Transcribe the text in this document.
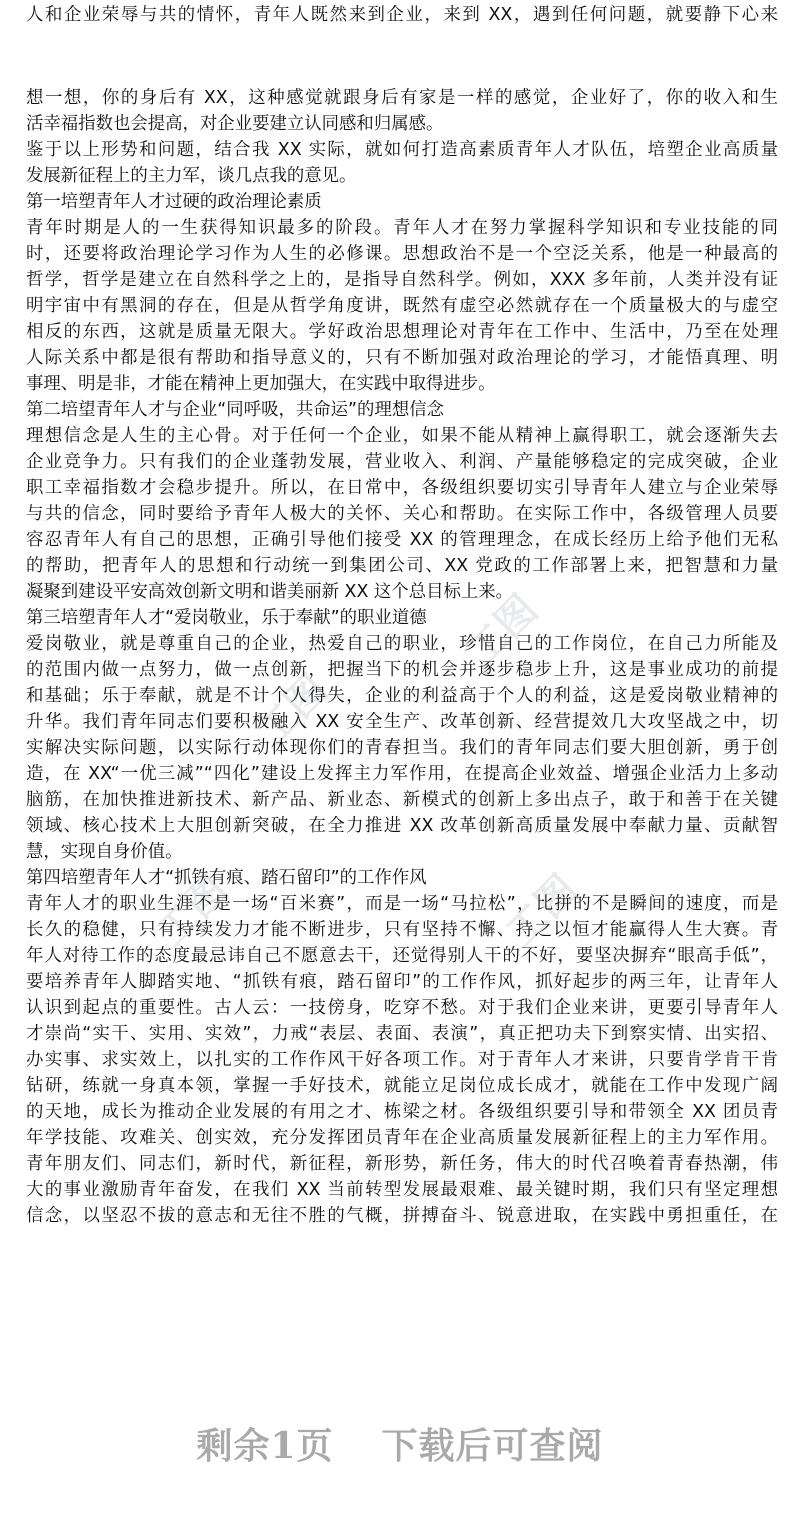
工图
工图
工图	工图
人和企业荣辱与共的情怀，青年人既然来到企业，来到 XX，遇到任何问题，就要静下心来
想一想，你的身后有 XX，这种感觉就跟身后有家是一样的感觉，企业好了，你的收入和生
活幸福指数也会提高，对企业要建立认同感和归属感。
鉴于以上形势和问题，结合我 XX 实际，就如何打造高素质青年人才队伍，培塑企业高质量
发展新征程上的主力军，谈几点我的意见。
第一培塑青年人才过硬的政治理论素质
青年时期是人的一生获得知识最多的阶段。青年人才在努力掌握科学知识和专业技能的同
时，还要将政治理论学习作为人生的必修课。思想政治不是一个空泛关系，他是一种最高的
哲学，哲学是建立在自然科学之上的，是指导自然科学。例如，XXX 多年前，人类并没有证
明宇宙中有黑洞的存在，但是从哲学角度讲，既然有虚空必然就存在一个质量极大的与虚空
相反的东西，这就是质量无限大。学好政治思想理论对青年在工作中、生活中，乃至在处理
人际关系中都是很有帮助和指导意义的，只有不断加强对政治理论的学习，才能悟真理、明
事理、明是非，才能在精神上更加强大，在实践中取得进步。
第二培望青年人才与企业“同呼吸，共命运”的理想信念
理想信念是人生的主心骨。对于任何一个企业，如果不能从精神上赢得职工，就会逐渐失去
企业竞争力。只有我们的企业蓬勃发展，营业收入、利润、产量能够稳定的完成突破，企业
职工幸福指数才会稳步提升。所以，在日常中，各级组织要切实引导青年人建立与企业荣辱
与共的信念，同时要给予青年人极大的关怀、关心和帮助。在实际工作中，各级管理人员要
容忍青年人有自己的思想，正确引导他们接受 XX 的管理理念，在成长经历上给予他们无私
的帮助，把青年人的思想和行动统一到集团公司、XX 党政的工作部署上来，把智慧和力量
凝聚到建设平安高效创新文明和谐美丽新 XX 这个总目标上来。
第三培塑青年人才“爱岗敬业，乐于奉献”的职业道德
爱岗敬业，就是尊重自己的企业，热爱自己的职业，珍惜自己的工作岗位，在自己力所能及
的范围内做一点努力，做一点创新，把握当下的机会并逐步稳步上升，这是事业成功的前提
和基础；乐于奉献，就是不计个人得失，企业的利益高于个人的利益，这是爱岗敬业精神的
升华。我们青年同志们要积极融入 XX 安全生产、改革创新、经营提效几大攻坚战之中，切
实解决实际问题，以实际行动体现你们的青春担当。我们的青年同志们要大胆创新，勇于创
造，在 XX“一优三减”“四化”建设上发挥主力军作用，在提高企业效益、增强企业活力上多动
脑筋，在加快推进新技术、新产品、新业态、新模式的创新上多出点子，敢于和善于在关键
领域、核心技术上大胆创新突破，在全力推进 XX 改革创新高质量发展中奉献力量、贡献智
慧，实现自身价值。
第四培塑青年人才“抓铁有痕、踏石留印”的工作作风
青年人才的职业生涯不是一场“百米赛”，而是一场“马拉松”，比拼的不是瞬间的速度，而是
长久的稳健，只有持续发力才能不断进步，只有坚持不懈、持之以恒才能赢得人生大赛。青
年人对待工作的态度最忌讳自己不愿意去干，还觉得别人干的不好，要坚决摒弃“眼高手低”，
要培养青年人脚踏实地、“抓铁有痕，踏石留印”的工作作风，抓好起步的两三年，让青年人
认识到起点的重要性。古人云：一技傍身，吃穿不愁。对于我们企业来讲，更要引导青年人
才崇尚“实干、实用、实效”，力戒“表层、表面、表演”，真正把功夫下到察实情、出实招、
办实事、求实效上，以扎实的工作作风干好各项工作。对于青年人才来讲，只要肯学肯干肯
钻研，练就一身真本领，掌握一手好技术，就能立足岗位成长成才，就能在工作中发现广阔
的天地，成长为推动企业发展的有用之才、栋梁之材。各级组织要引导和带领全 XX 团员青
年学技能、攻难关、创实效，充分发挥团员青年在企业高质量发展新征程上的主力军作用。
青年朋友们、同志们，新时代，新征程，新形势，新任务，伟大的时代召唤着青春热潮，伟
大的事业激励青年奋发，在我们 XX 当前转型发展最艰难、最关键时期，我们只有坚定理想
信念，以坚忍不拔的意志和无往不胜的气概，拼搏奋斗、锐意进取，在实践中勇担重任，在
剩余1页 下载后可查阅
